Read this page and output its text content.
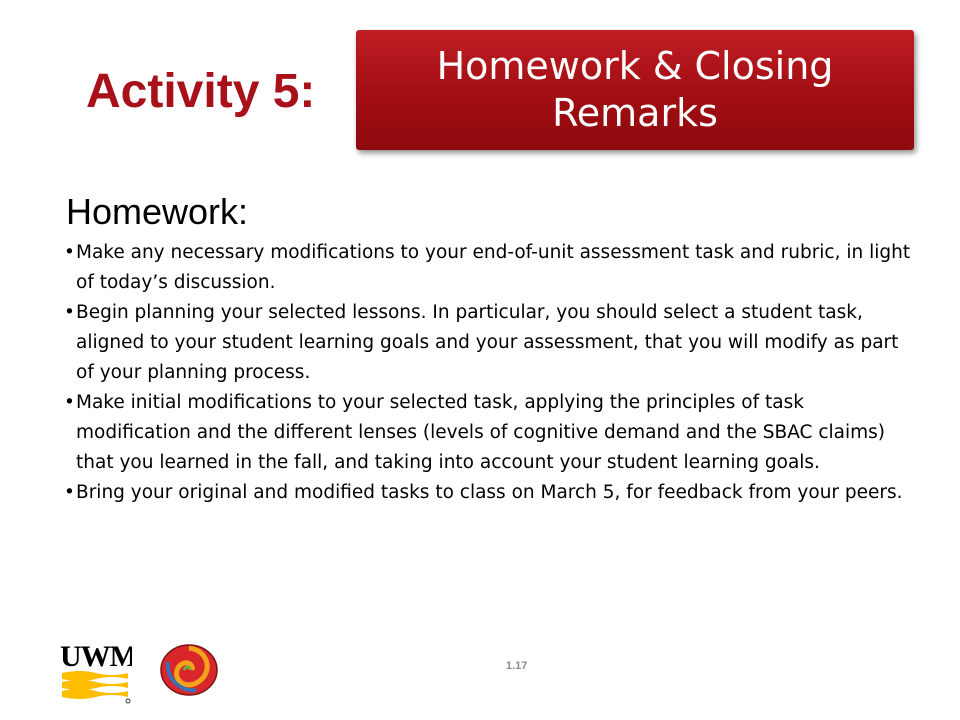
Activity 5:	Homework & Closing Remarks
Homework:
• Make any necessary modifications to your end-of-unit assessment task and rubric, in light of today’s discussion.
• Begin planning your selected lessons. In particular, you should select a student task, aligned to your student learning goals and your assessment, that you will modify as part of your planning process.
• Make initial modifications to your selected task, applying the principles of task modification and the different lenses (levels of cognitive demand and the SBAC claims) that you learned in the fall, and taking into account your student learning goals.
• Bring your original and modified tasks to class on March 5, for feedback from your peers.
1.17
UWM
